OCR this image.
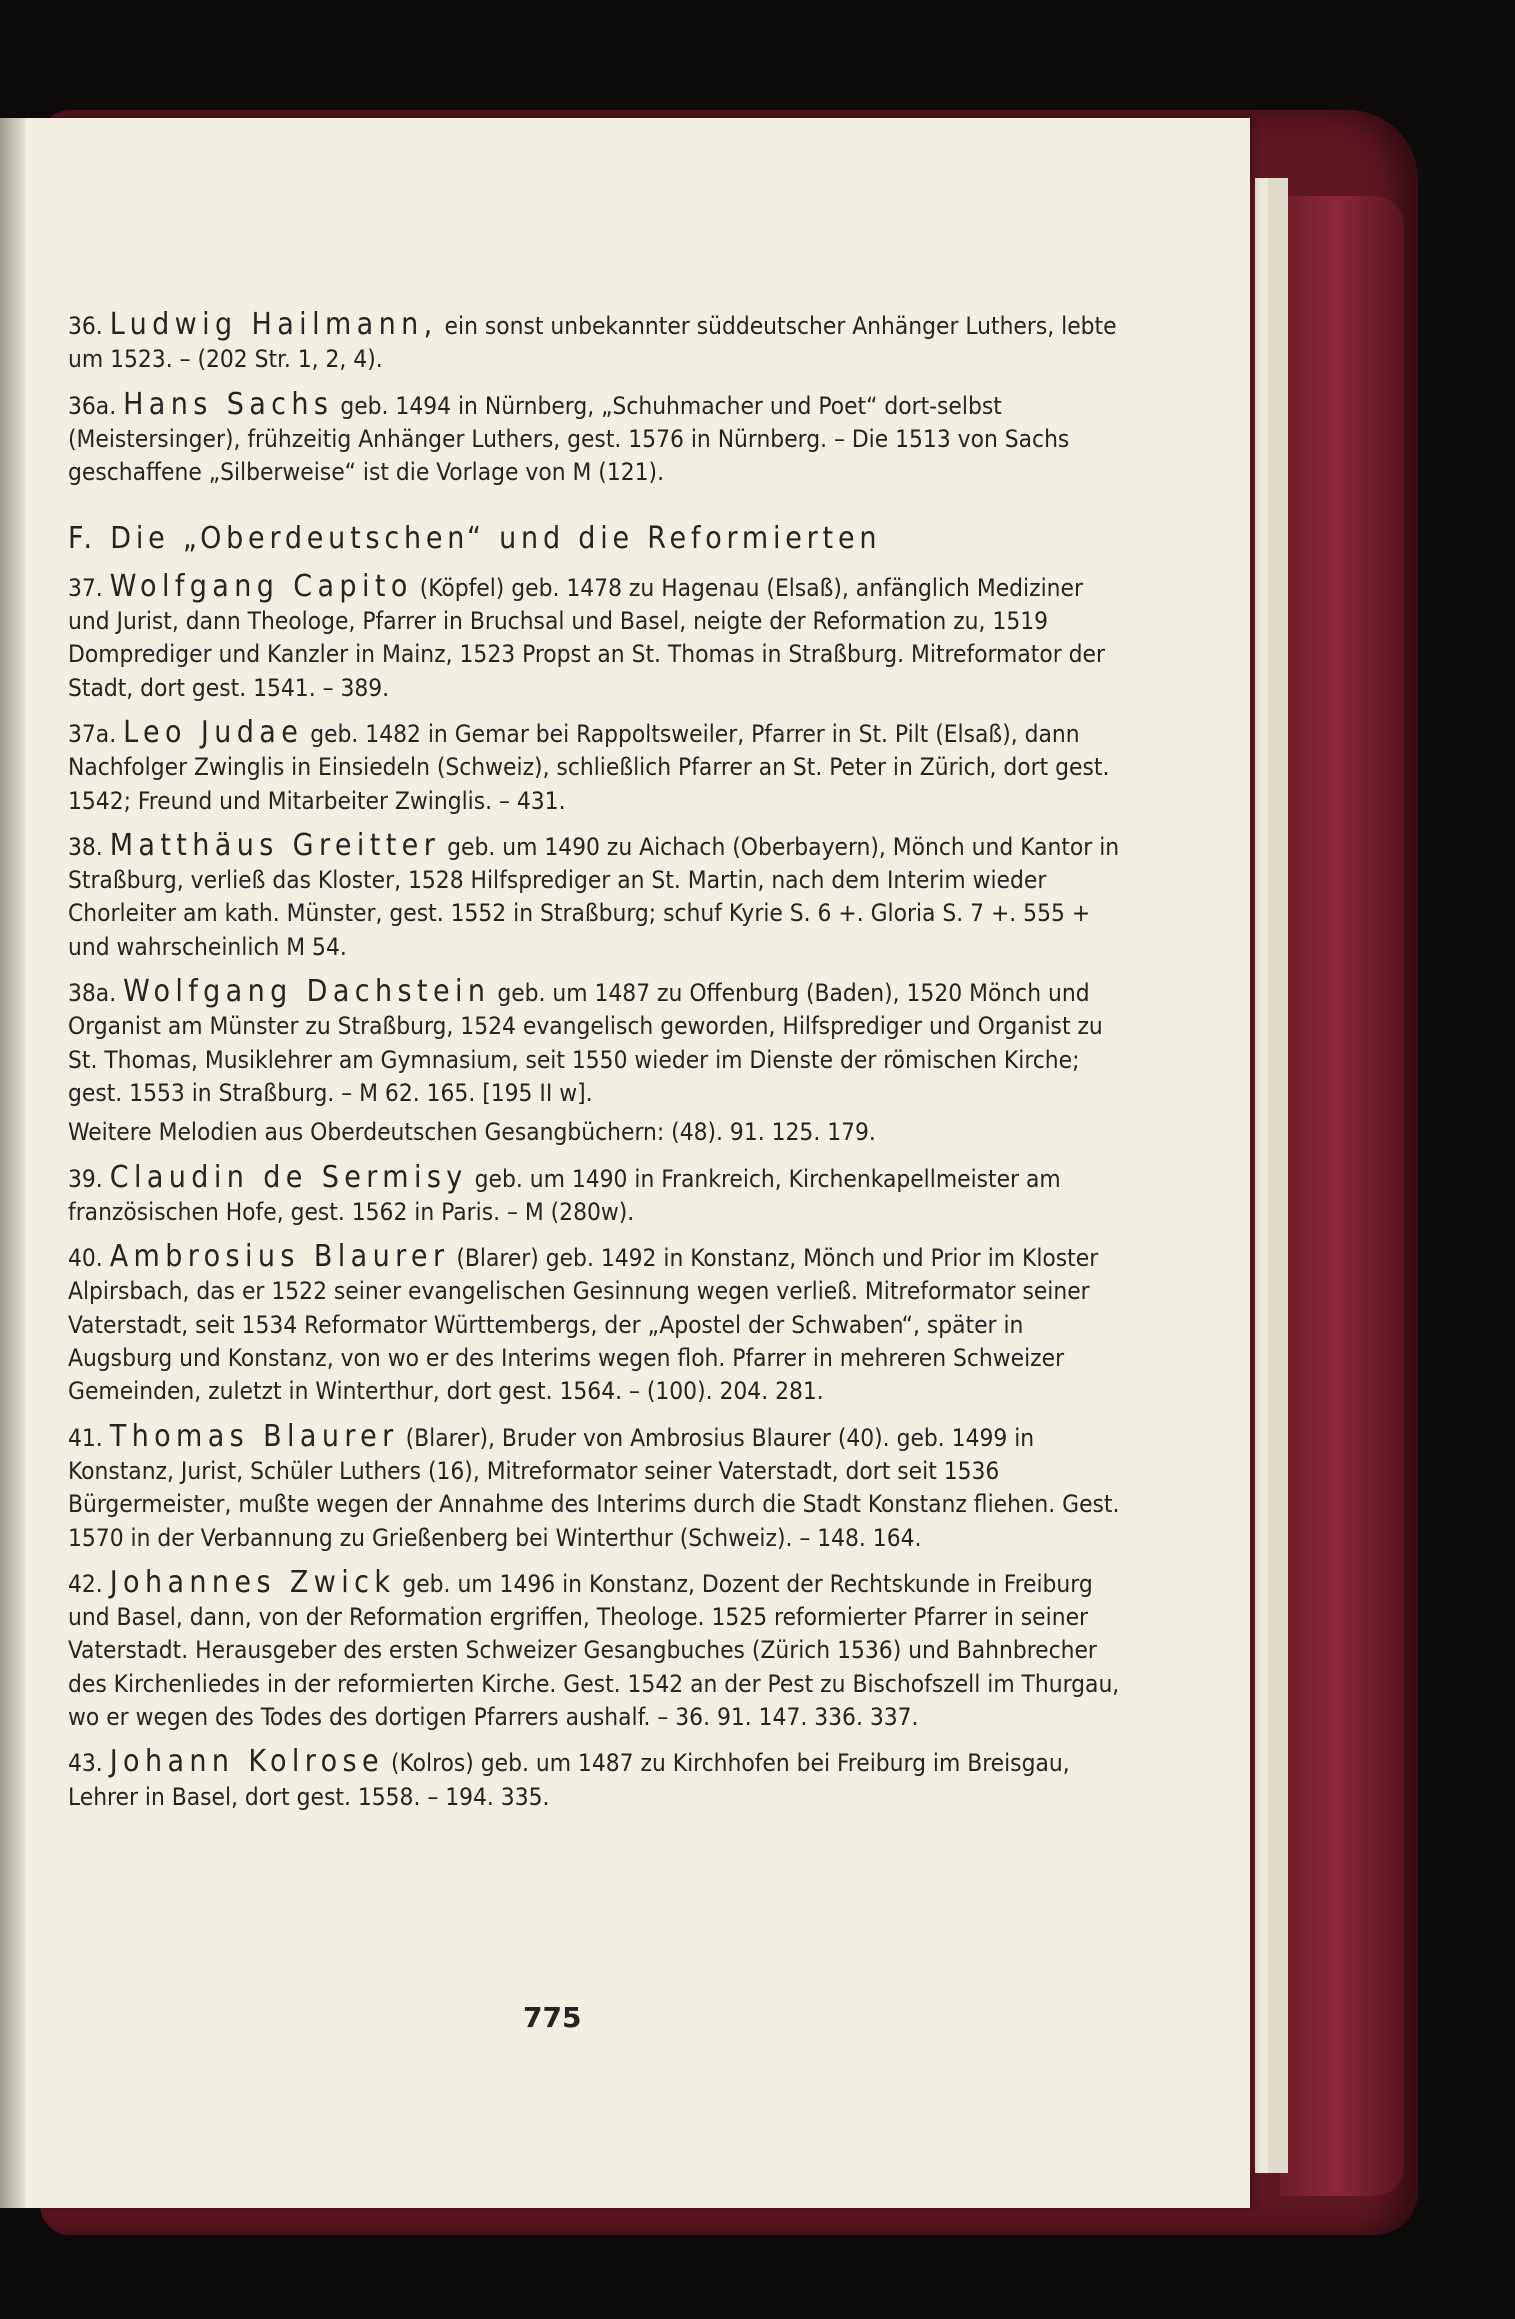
36. Ludwig Hailmann, ein sonst unbekannter süddeutscher Anhänger Luthers, lebte um 1523. – (202 Str. 1, 2, 4).
36a. Hans Sachs geb. 1494 in Nürnberg, „Schuhmacher und Poet“ dort-selbst (Meistersinger), frühzeitig Anhänger Luthers, gest. 1576 in Nürnberg. – Die 1513 von Sachs geschaffene „Silberweise“ ist die Vorlage von M (121).
F. Die „Oberdeutschen“ und die Reformierten
37. Wolfgang Capito (Köpfel) geb. 1478 zu Hagenau (Elsaß), anfänglich Mediziner und Jurist, dann Theologe, Pfarrer in Bruchsal und Basel, neigte der Reformation zu, 1519 Domprediger und Kanzler in Mainz, 1523 Propst an St. Thomas in Straßburg. Mitreformator der Stadt, dort gest. 1541. – 389.
37a. Leo Judae geb. 1482 in Gemar bei Rappoltsweiler, Pfarrer in St. Pilt (Elsaß), dann Nachfolger Zwinglis in Einsiedeln (Schweiz), schließlich Pfarrer an St. Peter in Zürich, dort gest. 1542; Freund und Mitarbeiter Zwinglis. – 431.
38. Matthäus Greitter geb. um 1490 zu Aichach (Oberbayern), Mönch und Kantor in Straßburg, verließ das Kloster, 1528 Hilfsprediger an St. Martin, nach dem Interim wieder Chorleiter am kath. Münster, gest. 1552 in Straßburg; schuf Kyrie S. 6 +. Gloria S. 7 +. 555 + und wahrscheinlich M 54.
38a. Wolfgang Dachstein geb. um 1487 zu Offenburg (Baden), 1520 Mönch und Organist am Münster zu Straßburg, 1524 evangelisch geworden, Hilfsprediger und Organist zu St. Thomas, Musiklehrer am Gymnasium, seit 1550 wieder im Dienste der römischen Kirche; gest. 1553 in Straßburg. – M 62. 165. [195 II w].
Weitere Melodien aus Oberdeutschen Gesangbüchern: (48). 91. 125. 179.
39. Claudin de Sermisy geb. um 1490 in Frankreich, Kirchenkapellmeister am französischen Hofe, gest. 1562 in Paris. – M (280w).
40. Ambrosius Blaurer (Blarer) geb. 1492 in Konstanz, Mönch und Prior im Kloster Alpirsbach, das er 1522 seiner evangelischen Gesinnung wegen verließ. Mitreformator seiner Vaterstadt, seit 1534 Reformator Württembergs, der „Apostel der Schwaben“, später in Augsburg und Konstanz, von wo er des Interims wegen floh. Pfarrer in mehreren Schweizer Gemeinden, zuletzt in Winterthur, dort gest. 1564. – (100). 204. 281.
41. Thomas Blaurer (Blarer), Bruder von Ambrosius Blaurer (40). geb. 1499 in Konstanz, Jurist, Schüler Luthers (16), Mitreformator seiner Vaterstadt, dort seit 1536 Bürgermeister, mußte wegen der Annahme des Interims durch die Stadt Konstanz fliehen. Gest. 1570 in der Verbannung zu Grießenberg bei Winterthur (Schweiz). – 148. 164.
42. Johannes Zwick geb. um 1496 in Konstanz, Dozent der Rechtskunde in Freiburg und Basel, dann, von der Reformation ergriffen, Theologe. 1525 reformierter Pfarrer in seiner Vaterstadt. Herausgeber des ersten Schweizer Gesangbuches (Zürich 1536) und Bahnbrecher des Kirchenliedes in der reformierten Kirche. Gest. 1542 an der Pest zu Bischofszell im Thurgau, wo er wegen des Todes des dortigen Pfarrers aushalf. – 36. 91. 147. 336. 337.
43. Johann Kolrose (Kolros) geb. um 1487 zu Kirchhofen bei Freiburg im Breisgau, Lehrer in Basel, dort gest. 1558. – 194. 335.
775
